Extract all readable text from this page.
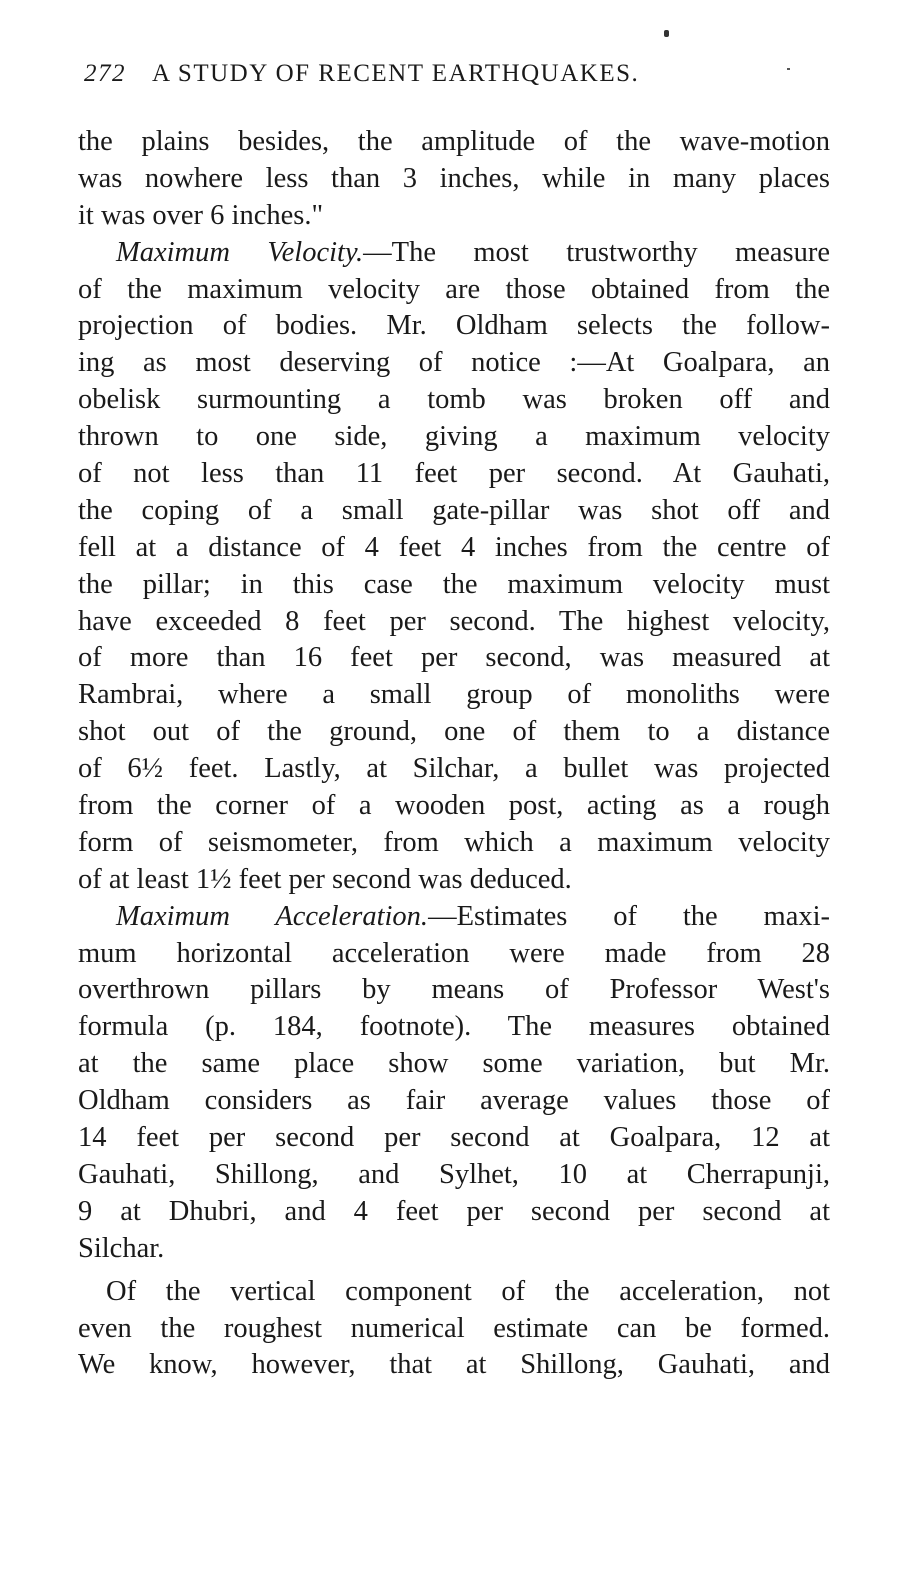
272 A STUDY OF RECENT EARTHQUAKES.
the plains besides, the amplitude of the wave-motion
was nowhere less than 3 inches, while in many places
it was over 6 inches."
Maximum Velocity.—The most trustworthy measure
of the maximum velocity are those obtained from the
projection of bodies. Mr. Oldham selects the follow-
ing as most deserving of notice :—At Goalpara, an
obelisk surmounting a tomb was broken off and
thrown to one side, giving a maximum velocity
of not less than 11 feet per second. At Gauhati,
the coping of a small gate-pillar was shot off and
fell at a distance of 4 feet 4 inches from the centre of
the pillar; in this case the maximum velocity must
have exceeded 8 feet per second. The highest velocity,
of more than 16 feet per second, was measured at
Rambrai, where a small group of monoliths were
shot out of the ground, one of them to a distance
of 6½ feet. Lastly, at Silchar, a bullet was projected
from the corner of a wooden post, acting as a rough
form of seismometer, from which a maximum velocity
of at least 1½ feet per second was deduced.
Maximum Acceleration.—Estimates of the maxi-
mum horizontal acceleration were made from 28
overthrown pillars by means of Professor West's
formula (p. 184, footnote). The measures obtained
at the same place show some variation, but Mr.
Oldham considers as fair average values those of
14 feet per second per second at Goalpara, 12 at
Gauhati, Shillong, and Sylhet, 10 at Cherrapunji,
9 at Dhubri, and 4 feet per second per second at
Silchar.
Of the vertical component of the acceleration, not
even the roughest numerical estimate can be formed.
We know, however, that at Shillong, Gauhati, and
